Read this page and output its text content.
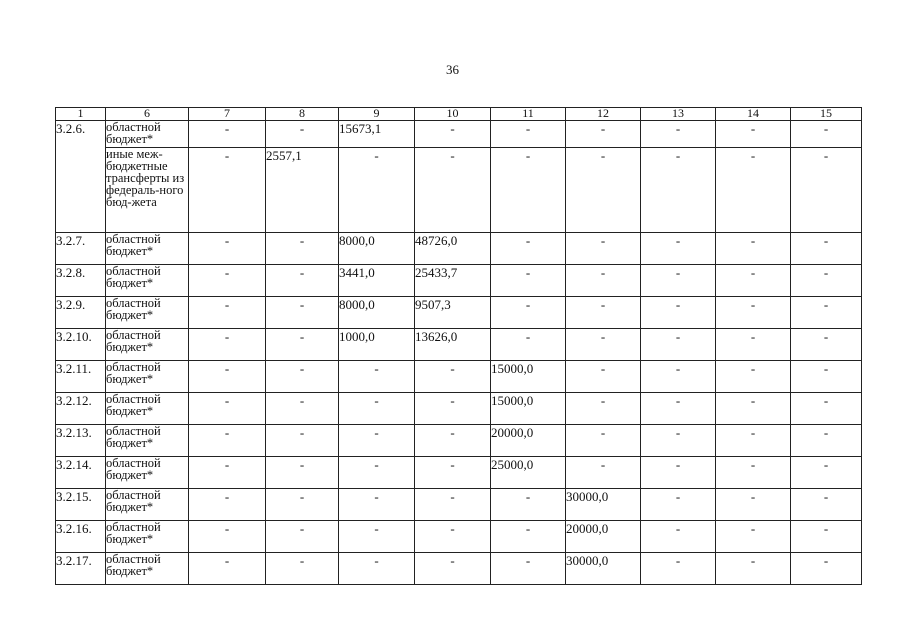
36
1	6	7	8	9	10	11	12	13	14	15
3.2.6.	областной бюджет*	-	-	15673,1	-	-	-	-	-	-
	иные меж-бюджетные трансферты из федераль-ного бюд-жета	-	2557,1	-	-	-	-	-	-	-
3.2.7.	областной бюджет*	-	-	8000,0	48726,0	-	-	-	-	-
3.2.8.	областной бюджет*	-	-	3441,0	25433,7	-	-	-	-	-
3.2.9.	областной бюджет*	-	-	8000,0	9507,3	-	-	-	-	-
3.2.10.	областной бюджет*	-	-	1000,0	13626,0	-	-	-	-	-
3.2.11.	областной бюджет*	-	-	-	-	15000,0	-	-	-	-
3.2.12.	областной бюджет*	-	-	-	-	15000,0	-	-	-	-
3.2.13.	областной бюджет*	-	-	-	-	20000,0	-	-	-	-
3.2.14.	областной бюджет*	-	-	-	-	25000,0	-	-	-	-
3.2.15.	областной бюджет*	-	-	-	-	-	30000,0	-	-	-
3.2.16.	областной бюджет*	-	-	-	-	-	20000,0	-	-	-
3.2.17.	областной бюджет*	-	-	-	-	-	30000,0	-	-	-
